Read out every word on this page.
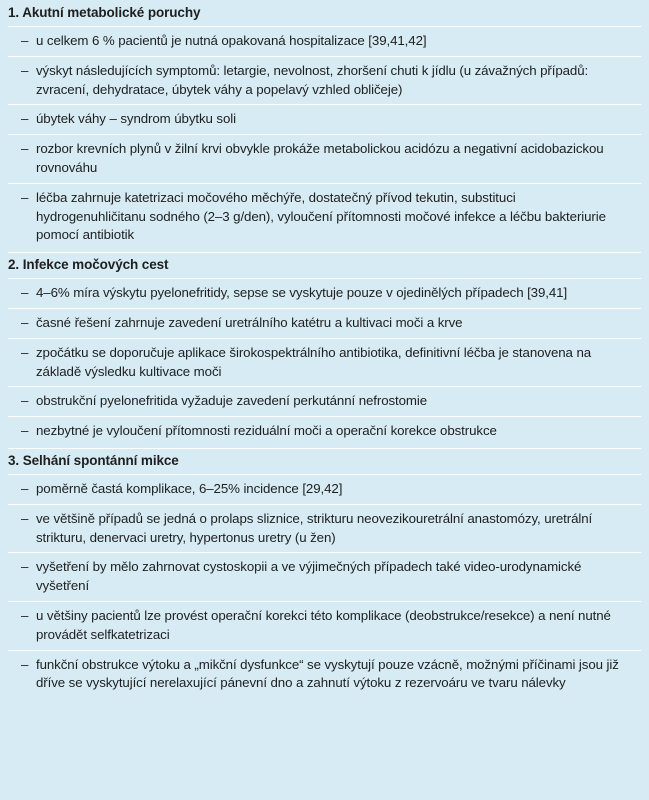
1. Akutní metabolické poruchy
– u celkem 6 % pacientů je nutná opakovaná hospitalizace [39,41,42]
– výskyt následujících symptomů: letargie, nevolnost, zhoršení chuti k jídlu (u závažných případů: zvracení, dehydratace, úbytek váhy a popelavý vzhled obličeje)
– úbytek váhy – syndrom úbytku soli
– rozbor krevních plynů v žilní krvi obvykle prokáže metabolickou acidózu a negativní acidobazickou rovnováhu
– léčba zahrnuje katetrizaci močového měchýře, dostatečný přívod tekutin, substituci hydrogenuhličitanu sodného (2–3 g/den), vyloučení přítomnosti močové infekce a léčbu bakteriurie pomocí antibiotik
2. Infekce močových cest
– 4–6% míra výskytu pyelonefritidy, sepse se vyskytuje pouze v ojedinělých případech [39,41]
– časné řešení zahrnuje zavedení uretrálního katétru a kultivaci moči a krve
– zpočátku se doporučuje aplikace širokospektrálního antibiotika, definitivní léčba je stanovena na základě výsledku kultivace moči
– obstrukční pyelonefritida vyžaduje zavedení perkutánní nefrostomie
– nezbytné je vyloučení přítomnosti reziduální moči a operační korekce obstrukce
3. Selhání spontánní mikce
– poměrně častá komplikace, 6–25% incidence [29,42]
– ve většině případů se jedná o prolaps sliznice, strikturu neovezikouretrální anastomózy, uretrální strikturu, denervaci uretry, hypertonus uretry (u žen)
– vyšetření by mělo zahrnovat cystoskopii a ve výjimečných případech také video-urodynamické vyšetření
– u většiny pacientů lze provést operační korekci této komplikace (deobstrukce/resekce) a není nutné provádět selfkatetrizaci
– funkční obstrukce výtoku a „mikční dysfunkce“ se vyskytují pouze vzácně, možnými příčinami jsou již dříve se vyskytující nerelaxující pánevní dno a zahnutí výtoku z rezervoáru ve tvaru nálevky
